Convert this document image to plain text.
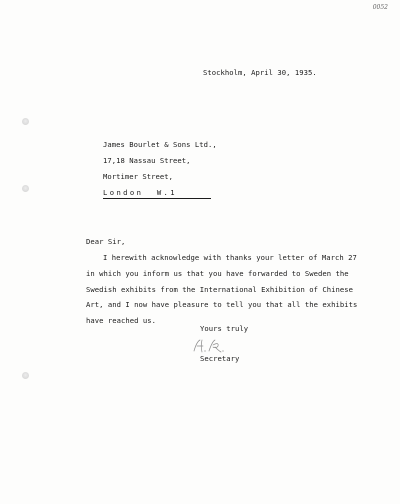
0052
Stockholm, April 30, 1935.
James Bourlet & Sons Ltd.,
17,18 Nassau Street,
Mortimer Street,
London  W.1
Dear Sir,
I herewith acknowledge with thanks your letter of March 27
in which you inform us that you have forwarded to Sweden the
Swedish exhibits from the International Exhibition of Chinese
Art, and I now have pleasure to tell you that all the exhibits
have reached us.
Yours truly
Secretary
